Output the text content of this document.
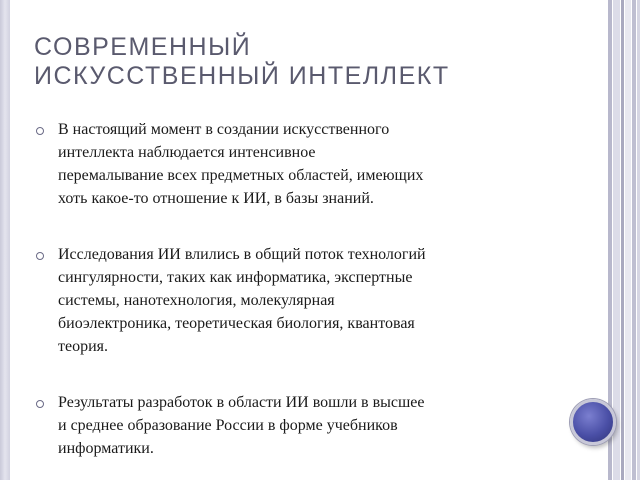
СОВРЕМЕННЫЙ
ИСКУССТВЕННЫЙ ИНТЕЛЛЕКТ
В настоящий момент в создании искусственного
интеллекта наблюдается интенсивное
перемалывание всех предметных областей, имеющих
хоть какое-то отношение к ИИ, в базы знаний.
Исследования ИИ влились в общий поток технологий
сингулярности, таких как информатика, экспертные
системы, нанотехнология, молекулярная
биоэлектроника, теоретическая биология, квантовая
теория.
Результаты разработок в области ИИ вошли в высшее
и среднее образование России в форме учебников
информатики.
